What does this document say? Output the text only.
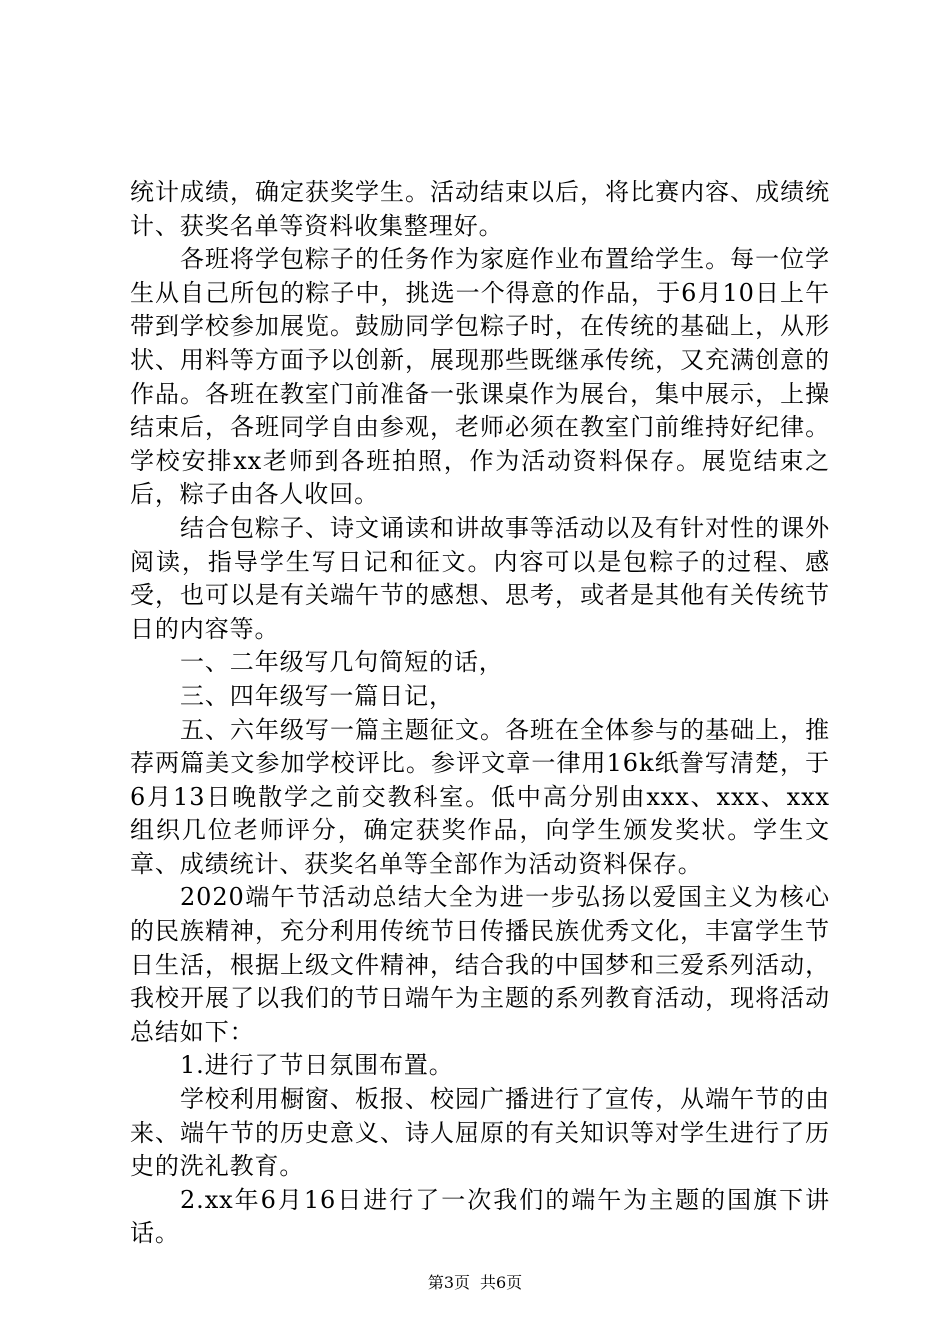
统计成绩，确定获奖学生。活动结束以后，将比赛内容、成绩统计、获奖名单等资料收集整理好。

各班将学包粽子的任务作为家庭作业布置给学生。每一位学生从自己所包的粽子中，挑选一个得意的作品，于6月10日上午带到学校参加展览。鼓励同学包粽子时，在传统的基础上，从形状、用料等方面予以创新，展现那些既继承传统，又充满创意的作品。各班在教室门前准备一张课桌作为展台，集中展示，上操结束后，各班同学自由参观，老师必须在教室门前维持好纪律。学校安排xx老师到各班拍照，作为活动资料保存。展览结束之后，粽子由各人收回。

结合包粽子、诗文诵读和讲故事等活动以及有针对性的课外阅读，指导学生写日记和征文。内容可以是包粽子的过程、感受，也可以是有关端午节的感想、思考，或者是其他有关传统节日的内容等。

一、二年级写几句简短的话，

三、四年级写一篇日记，

五、六年级写一篇主题征文。各班在全体参与的基础上，推荐两篇美文参加学校评比。参评文章一律用16k纸誊写清楚，于6月13日晚散学之前交教科室。低中高分别由xxx、xxx、xxx组织几位老师评分，确定获奖作品，向学生颁发奖状。学生文章、成绩统计、获奖名单等全部作为活动资料保存。

2020端午节活动总结大全为进一步弘扬以爱国主义为核心的民族精神，充分利用传统节日传播民族优秀文化，丰富学生节日生活，根据上级文件精神，结合我的中国梦和三爱系列活动，我校开展了以我们的节日端午为主题的系列教育活动，现将活动总结如下：

1.进行了节日氛围布置。

学校利用橱窗、板报、校园广播进行了宣传，从端午节的由来、端午节的历史意义、诗人屈原的有关知识等对学生进行了历史的洗礼教育。

2.xx年6月16日进行了一次我们的端午为主题的国旗下讲话。

第3页 共6页
